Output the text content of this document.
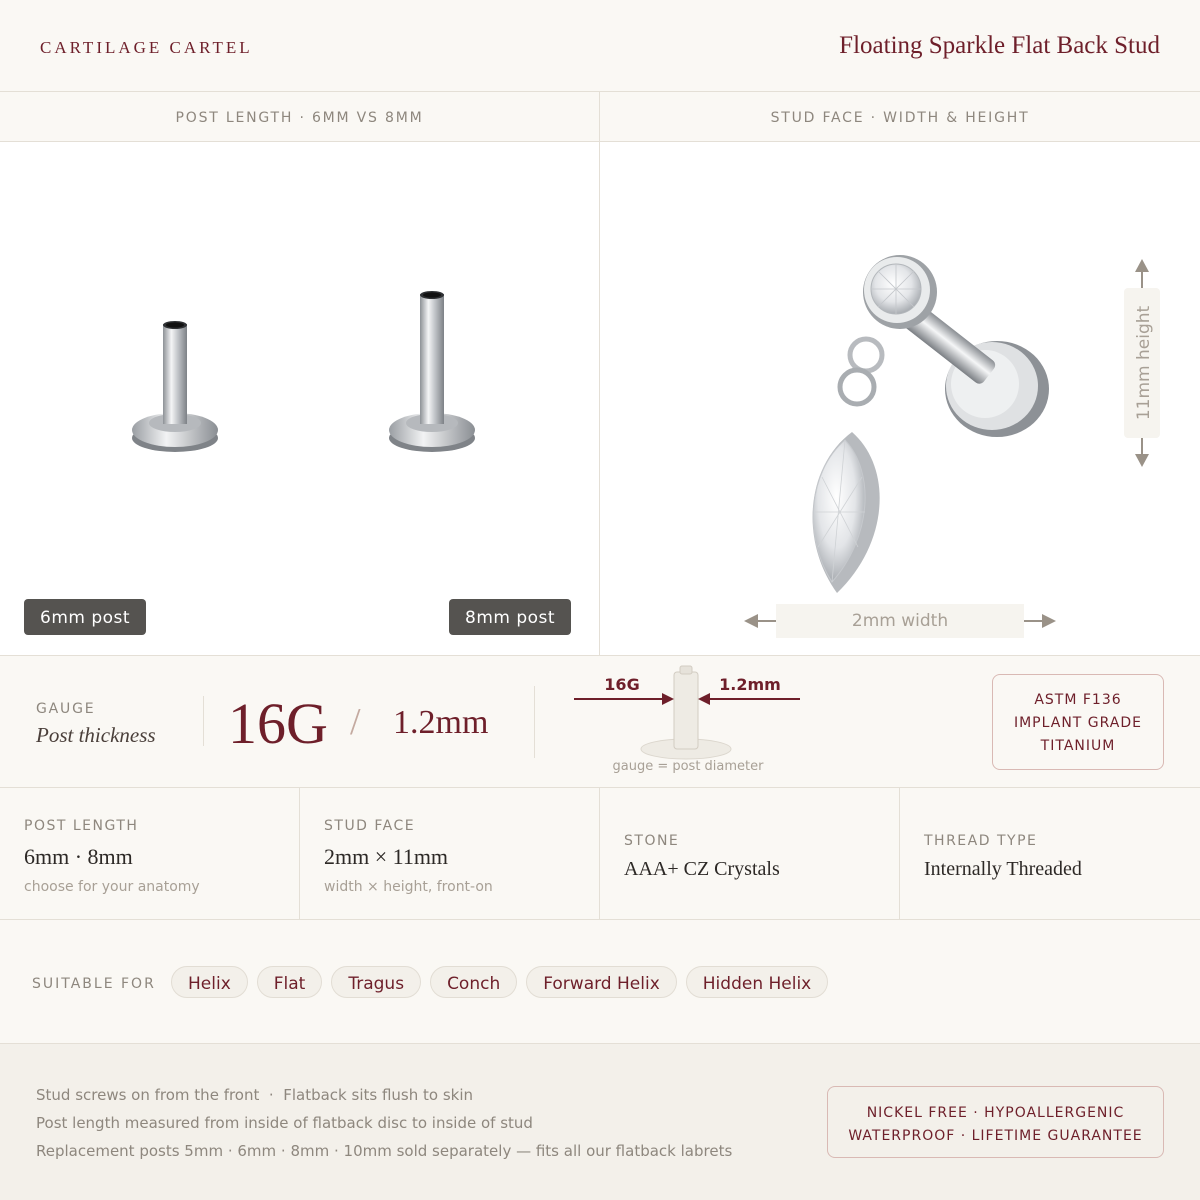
CARTILAGE CARTEL	Floating Sparkle Flat Back Stud
POST LENGTH · 6MM VS 8MM
6mm post	8mm post
STUD FACE · WIDTH & HEIGHT
11mm height
2mm width
GAUGE
Post thickness 16G / 1.2mm
16G	1.2mm
gauge = post diameter
ASTM F136
IMPLANT GRADE
TITANIUM
POST LENGTH
6mm · 8mm
choose for your anatomy
STUD FACE
2mm × 11mm
width × height, front-on
STONE
AAA+ CZ Crystals
THREAD TYPE
Internally Threaded
SUITABLE FOR	Helix	Flat	Tragus	Conch	Forward Helix	Hidden Helix
Stud screws on from the front  ·  Flatback sits flush to skin
Post length measured from inside of flatback disc to inside of stud
Replacement posts 5mm · 6mm · 8mm · 10mm sold separately — fits all our flatback labrets
NICKEL FREE · HYPOALLERGENIC
WATERPROOF · LIFETIME GUARANTEE
